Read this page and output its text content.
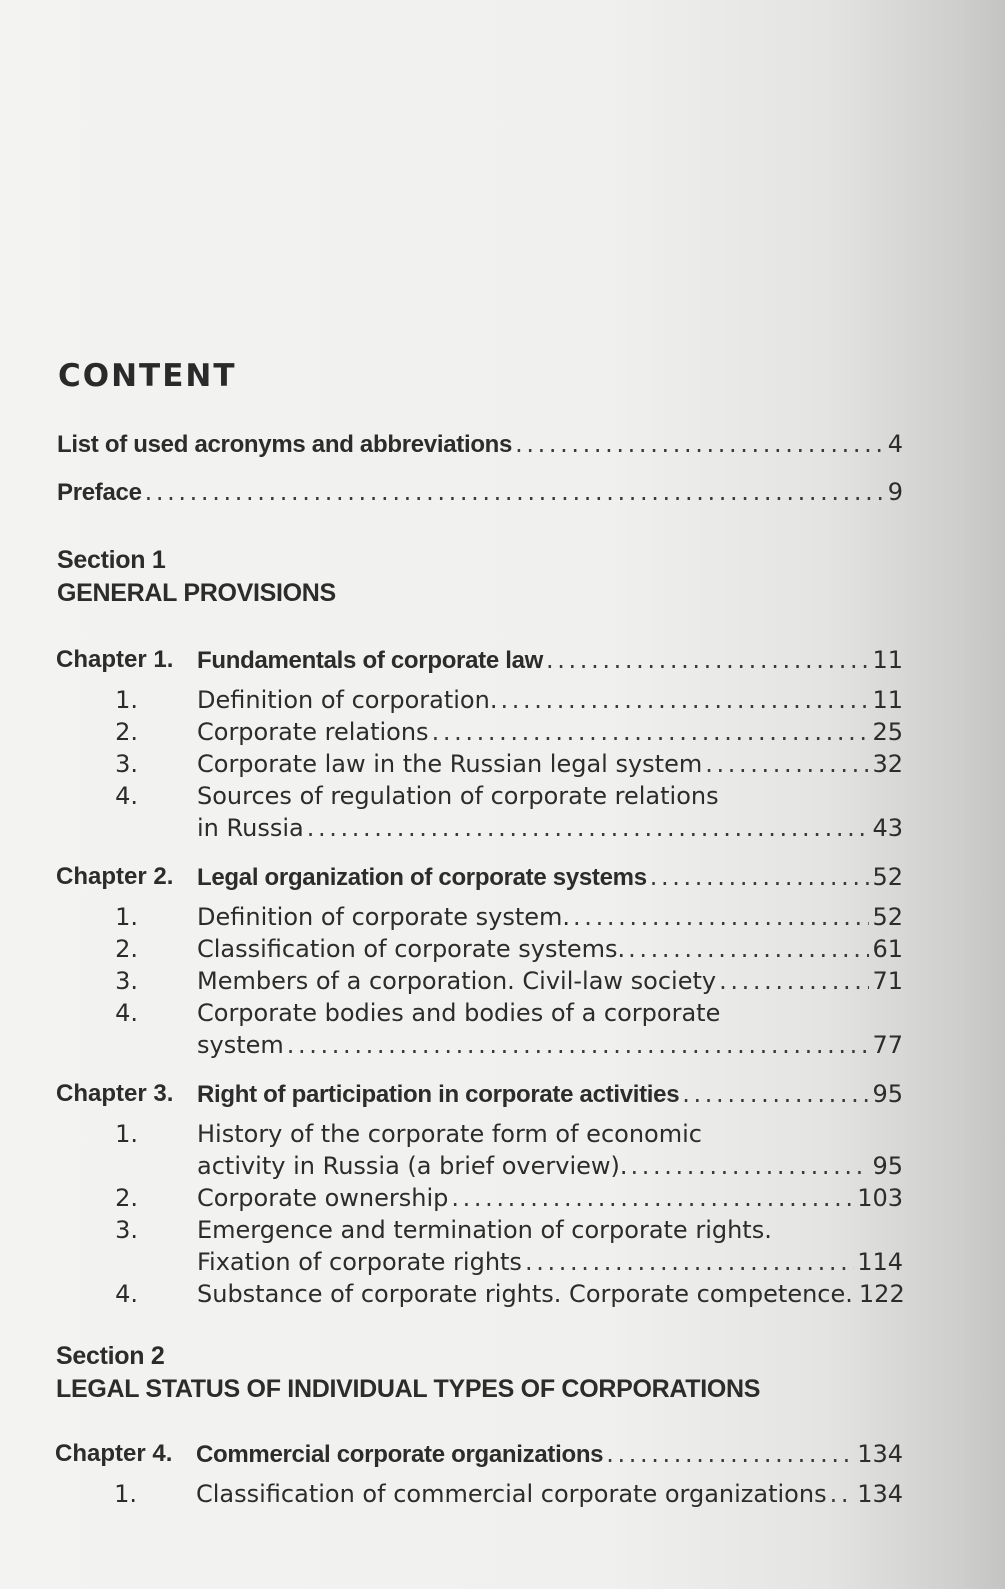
CONTENT
List of used acronyms and abbreviations . . .	4
Preface . . .	9
Section 1
GENERAL PROVISIONS
Chapter 1. Fundamentals of corporate law . . .	11
1. Definition of corporation. . . .	11
2. Corporate relations . . .	25
3. Corporate law in the Russian legal system . . .	32
4. Sources of regulation of corporate relations
in Russia . . .	43
Chapter 2. Legal organization of corporate systems . . .	52
1. Definition of corporate system. . . .	52
2. Classification of corporate systems. . . .	61
3. Members of a corporation. Civil-law society . . .	71
4. Corporate bodies and bodies of a corporate
system . . .	77
Chapter 3. Right of participation in corporate activities . . .	95
1. History of the corporate form of economic
activity in Russia (a brief overview). . . .	95
2. Corporate ownership . . .	103
3. Emergence and termination of corporate rights.
Fixation of corporate rights . . .	114
4. Substance of corporate rights. Corporate competence. 122
Section 2
LEGAL STATUS OF INDIVIDUAL TYPES OF CORPORATIONS
Chapter 4. Commercial corporate organizations . . .	134
1. Classification of commercial corporate organizations . . . 134
